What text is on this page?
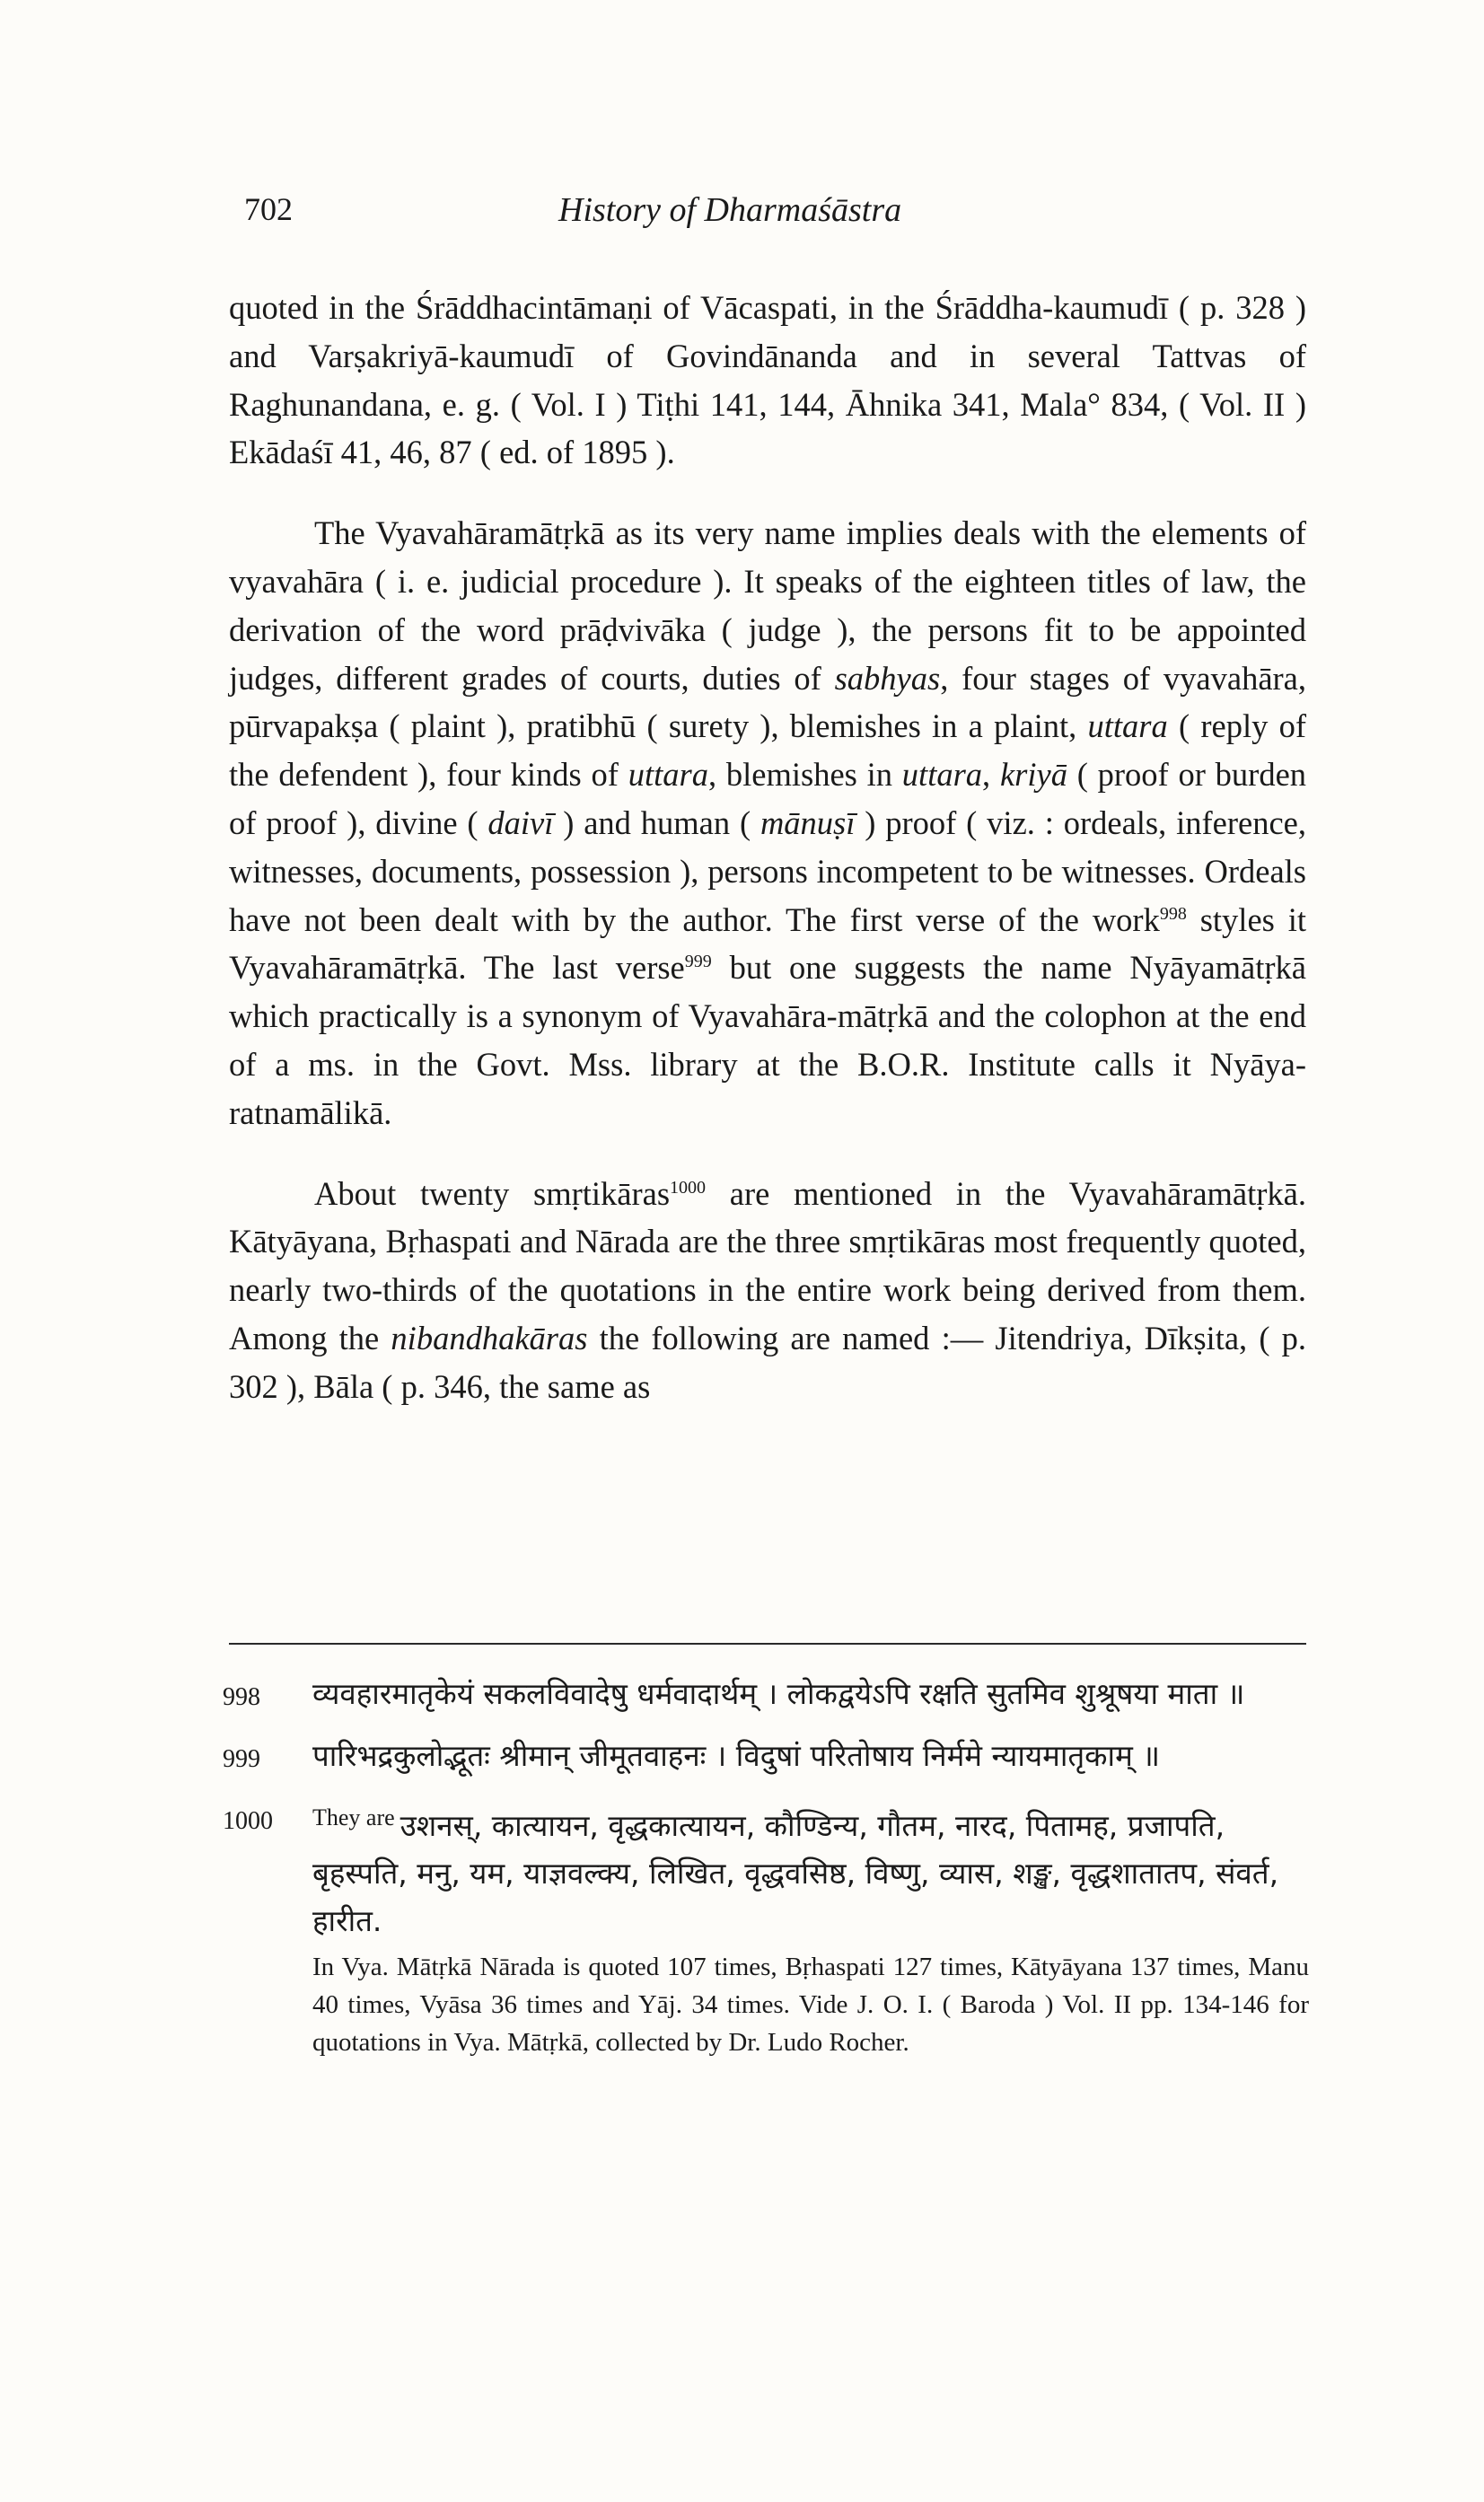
702	History of Dharmaśāstra

quoted in the Śrāddhacintāmaṇi of Vācaspati, in the Śrāddha-kaumudī ( p. 328 ) and Varṣakriyā-kaumudī of Govindānanda and in several Tattvas of Raghunandana, e. g. ( Vol. I ) Tiṭhi 141, 144, Āhnika 341, Mala° 834, ( Vol. II ) Ekādaśī 41, 46, 87 ( ed. of 1895 ).

The Vyavahāramātṛkā as its very name implies deals with the elements of vyavahāra ( i. e. judicial procedure ). It speaks of the eighteen titles of law, the derivation of the word prāḍvivāka ( judge ), the persons fit to be appointed judges, different grades of courts, duties of sabhyas, four stages of vyavahāra, pūrvapakṣa ( plaint ), pratibhū ( surety ), blemishes in a plaint, uttara ( reply of the defendent ), four kinds of uttara, blemishes in uttara, kriyā ( proof or burden of proof ), divine ( daivī ) and human ( mānuṣī ) proof ( viz. : ordeals, inference, witnesses, documents, possession ), persons incompetent to be witnesses. Ordeals have not been dealt with by the author. The first verse of the work$^{998}$ styles it Vyavahāramātṛkā. The last verse$^{999}$ but one suggests the name Nyāyamātṛkā which practically is a synonym of Vyavahāra-mātṛkā and the colophon at the end of a ms. in the Govt. Mss. library at the B.O.R. Institute calls it Nyāya-ratnamālikā.

About twenty smṛtikāras$^{1000}$ are mentioned in the Vyavahāramātṛkā. Kātyāyana, Bṛhaspati and Nārada are the three smṛtikāras most frequently quoted, nearly two-thirds of the quotations in the entire work being derived from them. Among the nibandhakāras the following are named :— Jitendriya, Dīkṣita, ( p. 302 ), Bāla ( p. 346, the same as

998	व्यवहारमातृकेयं सकलविवादेषु धर्मवादार्थम् । लोकद्वयेऽपि रक्षति सुतमिव शुश्रूषया माता ॥
999	पारिभद्रकुलोद्भूतः श्रीमान् जीमूतवाहनः । विदुषां परितोषाय निर्ममे न्यायमातृकाम् ॥
1000	$^{They are}$ उशनस्, कात्यायन, वृद्धकात्यायन, कौण्डिन्य, गौतम, नारद, पितामह, प्रजापति, बृहस्पति, मनु, यम, याज्ञवल्क्य, लिखित, वृद्धवसिष्ठ, विष्णु, व्यास, शङ्ख, वृद्धशातातप, संवर्त, हारीत.
In Vya. Mātṛkā Nārada is quoted 107 times, Bṛhaspati 127 times, Kātyāyana 137 times, Manu 40 times, Vyāsa 36 times and Yāj. 34 times. Vide J. O. I. ( Baroda ) Vol. II pp. 134-146 for quotations in Vya. Mātṛkā, collected by Dr. Ludo Rocher.
